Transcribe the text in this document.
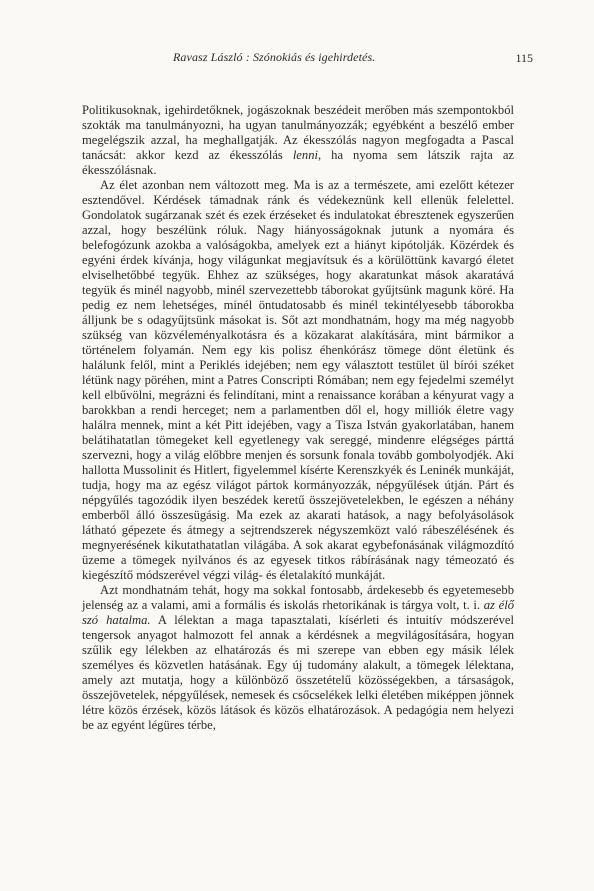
Ravasz László : Szónokiás és igehirdetés.	115

Politikusoknak, igehirdetőknek, jogászoknak beszédeit merőben más szempontokból szokták ma tanulmányozni, ha ugyan tanulmányozzák; egyébként a beszélő ember megelégszik azzal, ha meghallgatják. Az ékesszólás nagyon megfogadta a Pascal tanácsát: akkor kezd az ékesszólás lenni, ha nyoma sem látszik rajta az ékesszólásnak.

Az élet azonban nem változott meg. Ma is az a természete, ami ezelőtt kétezer esztendővel. Kérdések támadnak ránk és védekeznünk kell ellenük felelettel. Gondolatok sugárzanak szét és ezek érzéseket és indulatokat ébresztenek egyszerűen azzal, hogy beszélünk róluk. Nagy hiányosságoknak jutunk a nyomára és belefogózunk azokba a valóságokba, amelyek ezt a hiányt kipótolják. Közérdek és egyéni érdek kívánja, hogy világunkat megjavítsuk és a körülöttünk kavargó életet elviselhetőbbé tegyük. Ehhez az szükséges, hogy akaratunkat mások akaratává tegyük és minél nagyobb, minél szervezettebb táborokat gyűjtsünk magunk köré. Ha pedig ez nem lehetséges, minél öntudatosabb és minél tekintélyesebb táborokba álljunk be s odagyűjtsünk másokat is. Sőt azt mondhatnám, hogy ma még nagyobb szükség van közvéleményalkotásra és a közakarat alakítására, mint bármikor a történelem folyamán. Nem egy kis polisz éhenkórász tömege dönt életünk és halálunk felől, mint a Periklés idejében; nem egy választott testület ül bírói széket létünk nagy pöréhen, mint a Patres Conscripti Rómában; nem egy fejedelmi személyt kell elbűvölni, megrázni és felindítani, mint a renaissance korában a kényurat vagy a barokkban a rendi herceget; nem a parlamentben dől el, hogy milliók életre vagy halálra mennek, mint a két Pitt idejében, vagy a Tisza István gyakorlatában, hanem belátihatatlan tömegeket kell egyetlenegy vak sereggé, mindenre elégséges párttá szervezni, hogy a világ előbbre menjen és sorsunk fonala tovább gombolyodjék. Aki hallotta Mussolinit és Hitlert, figyelemmel kísérte Kerenszkyék és Leninék munkáját, tudja, hogy ma az egész világot pártok kormányozzák, népgyűlések útján. Párt és népgyűlés tagozódik ilyen beszédek keretű összejövetelekben, le egészen a néhány emberből álló összesügásig. Ma ezek az akarati hatások, a nagy befolyásolások látható gépezete és átmegy a sejtrendszerek négyszemközt való rábeszélésének és megnyerésének kikutathatatlan világába. A sok akarat egybefonásának világmozdító üzeme a tömegek nyilvános és az egyesek titkos rábírásának nagy témeozató és kiegészítő módszerével végzi világ- és életalakító munkáját.

Azt mondhatnám tehát, hogy ma sokkal fontosabb, árdekesebb és egyetemesebb jelenség az a valami, ami a formális és iskolás rhetorikának is tárgya volt, t. i. az élő szó hatalma. A lélektan a maga tapasztalati, kísérleti és intuitív módszerével tengersok anyagot halmozott fel annak a kérdésnek a megvilágosítására, hogyan szűlik egy lélekben az elhatározás és mi szerepe van ebben egy másik lélek személyes és közvetlen hatásának. Egy új tudomány alakult, a tömegek lélektana, amely azt mutatja, hogy a különböző összetételű közösségekben, a társaságok, összejövetelek, népgyűlések, nemesek és csőcselékek lelki életében miképpen jönnek létre közös érzések, közös látások és közös elhatározások. A pedagógia nem helyezi be az egyént légüres térbe,
